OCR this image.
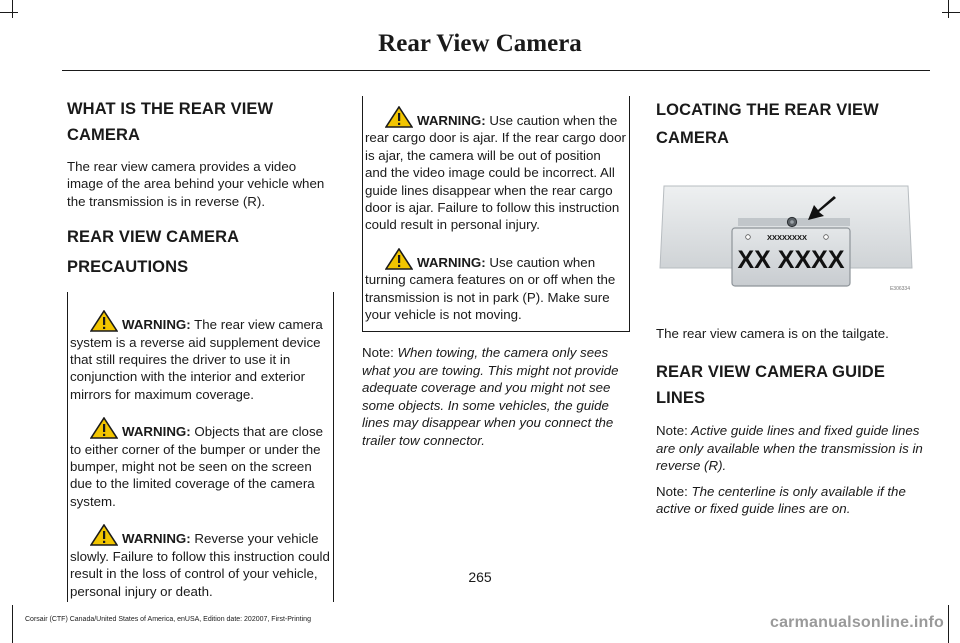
Rear View Camera
WHAT IS THE REAR VIEW CAMERA

The rear view camera provides a video image of the area behind your vehicle when the transmission is in reverse (R).

REAR VIEW CAMERA
PRECAUTIONS

WARNING: The rear view camera system is a reverse aid supplement device that still requires the driver to use it in conjunction with the interior and exterior mirrors for maximum coverage.

WARNING: Objects that are close to either corner of the bumper or under the bumper, might not be seen on the screen due to the limited coverage of the camera system.

WARNING: Reverse your vehicle slowly. Failure to follow this instruction could result in the loss of control of your vehicle, personal injury or death.

WARNING: Use caution when the rear cargo door is ajar. If the rear cargo door is ajar, the camera will be out of position and the video image could be incorrect. All guide lines disappear when the rear cargo door is ajar. Failure to follow this instruction could result in personal injury.

WARNING: Use caution when turning camera features on or off when the transmission is not in park (P). Make sure your vehicle is not moving.

Note: When towing, the camera only sees what you are towing. This might not provide adequate coverage and you might not see some objects. In some vehicles, the guide lines may disappear when you connect the trailer tow connector.

LOCATING THE REAR VIEW
CAMERA
XXXXXXXX
XX XXXX
E306334

The rear view camera is on the tailgate.

REAR VIEW CAMERA GUIDE LINES

Note: Active guide lines and fixed guide lines are only available when the transmission is in reverse (R).

Note: The centerline is only available if the active or fixed guide lines are on.

265
Corsair (CTF) Canada/United States of America, enUSA, Edition date: 202007, First-Printing	carmanualsonline.info
